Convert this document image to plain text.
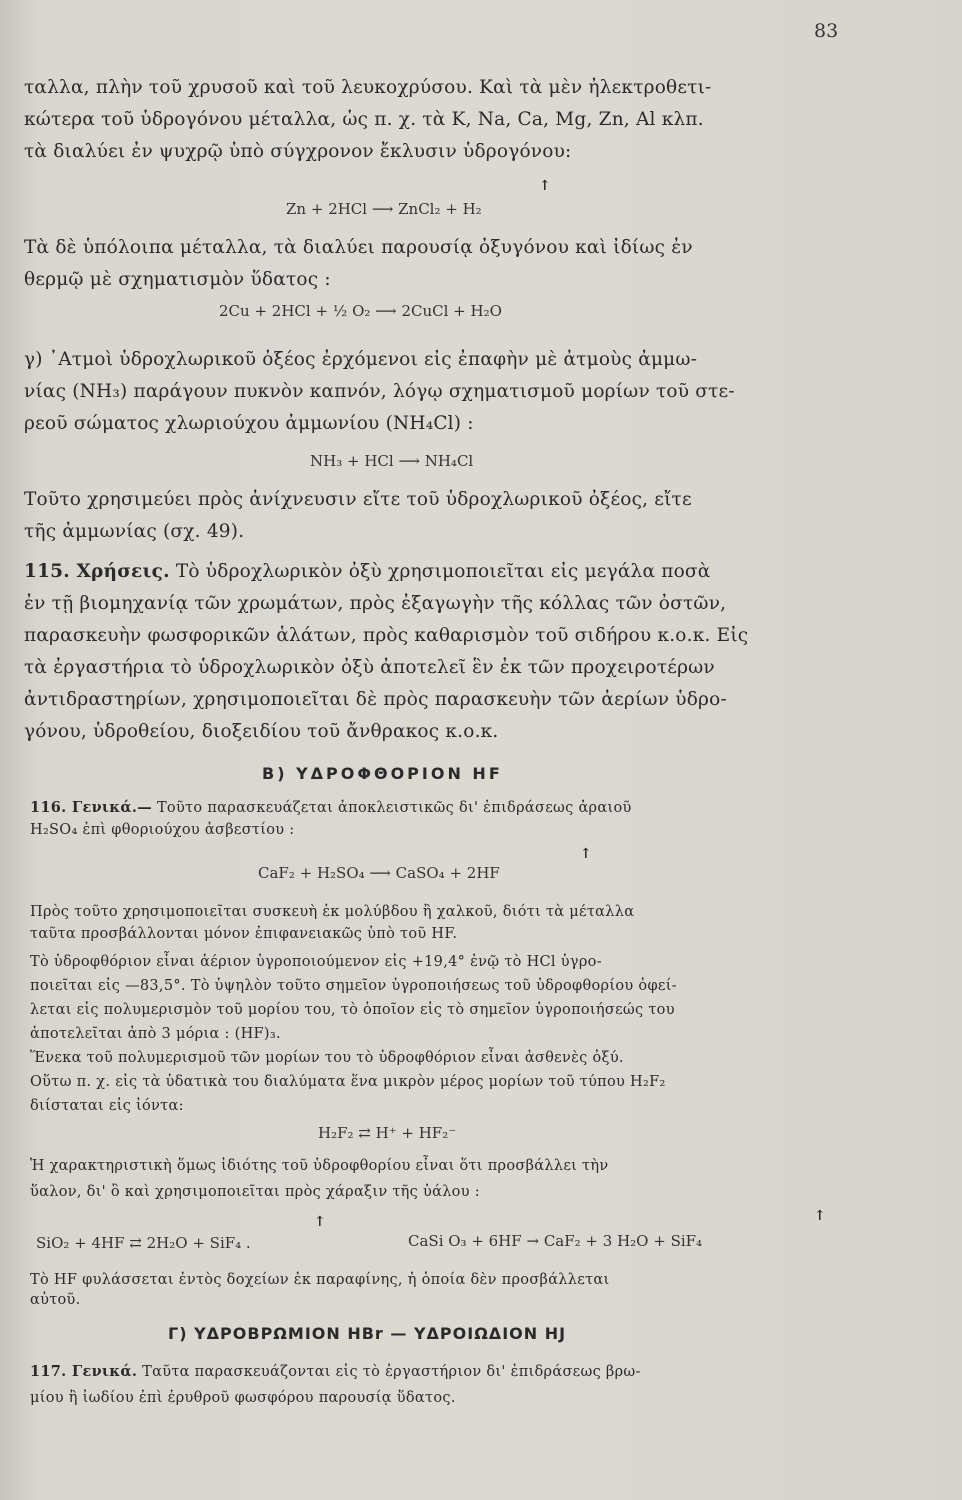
83
ταλλα, πλὴν τοῦ χρυσοῦ καὶ τοῦ λευκοχρύσου. Καὶ τὰ μὲν ἠλεκτροθετι-
κώτερα τοῦ ὑδρογόνου μέταλλα, ὡς π. χ. τὰ K, Na, Ca, Mg, Zn, Al κλπ.
τὰ διαλύει ἐν ψυχρῷ ὑπὸ σύγχρονον ἔκλυσιν ὑδρογόνου:
↑
Zn + 2HCl ⟶ ZnCl₂ + H₂
Τὰ δὲ ὑπόλοιπα μέταλλα, τὰ διαλύει παρουσίᾳ ὀξυγόνου καὶ ἰδίως ἐν
θερμῷ μὲ σχηματισμὸν ὕδατος :
2Cu + 2HCl + ½ O₂ ⟶ 2CuCl + H₂O
γ) ᾿Ατμοὶ ὑδροχλωρικοῦ ὀξέος ἐρχόμενοι εἰς ἐπαφὴν μὲ ἀτμοὺς ἀμμω-
νίας (NH₃) παράγουν πυκνὸν καπνόν, λόγῳ σχηματισμοῦ μορίων τοῦ στε-
ρεοῦ σώματος χλωριούχου ἀμμωνίου (NH₄Cl) :
NH₃ + HCl ⟶ NH₄Cl
Τοῦτο χρησιμεύει πρὸς ἀνίχνευσιν εἴτε τοῦ ὑδροχλωρικοῦ ὀξέος, εἴτε
τῆς ἀμμωνίας (σχ. 49).
115. Χρήσεις. Τὸ ὑδροχλωρικὸν ὀξὺ χρησιμοποιεῖται εἰς μεγάλα ποσὰ
ἐν τῇ βιομηχανίᾳ τῶν χρωμάτων, πρὸς ἐξαγωγὴν τῆς κόλλας τῶν ὀστῶν,
παρασκευὴν φωσφορικῶν ἁλάτων, πρὸς καθαρισμὸν τοῦ σιδήρου κ.ο.κ. Εἰς
τὰ ἐργαστήρια τὸ ὑδροχλωρικὸν ὀξὺ ἀποτελεῖ ἓν ἐκ τῶν προχειροτέρων
ἀντιδραστηρίων, χρησιμοποιεῖται δὲ πρὸς παρασκευὴν τῶν ἀερίων ὑδρο-
γόνου, ὑδροθείου, διοξειδίου τοῦ ἄνθρακος κ.ο.κ.
Β) ΥΔΡΟΦΘΟΡΙΟΝ HF
116. Γενικά.— Τοῦτο παρασκευάζεται ἀποκλειστικῶς δι' ἐπιδράσεως ἀραιοῦ
H₂SO₄ ἐπὶ φθοριούχου ἀσβεστίου :
↑
CaF₂ + H₂SO₄ ⟶ CaSO₄ + 2HF
Πρὸς τοῦτο χρησιμοποιεῖται συσκευὴ ἐκ μολύβδου ἢ χαλκοῦ, διότι τὰ μέταλλα
ταῦτα προσβάλλονται μόνον ἐπιφανειακῶς ὑπὸ τοῦ HF.
Τὸ ὑδροφθόριον εἶναι ἀέριον ὑγροποιούμενον εἰς +19,4° ἐνῷ τὸ HCl ὑγρο-
ποιεῖται εἰς —83,5°. Τὸ ὑψηλὸν τοῦτο σημεῖον ὑγροποιήσεως τοῦ ὑδροφθορίου ὀφεί-
λεται εἰς πολυμερισμὸν τοῦ μορίου του, τὸ ὁποῖον εἰς τὸ σημεῖον ὑγροποιήσεώς του
ἀποτελεῖται ἀπὸ 3 μόρια : (HF)₃.
Ἕνεκα τοῦ πολυμερισμοῦ τῶν μορίων του τὸ ὑδροφθόριον εἶναι ἀσθενὲς ὀξύ.
Οὕτω π. χ. εἰς τὰ ὑδατικὰ του διαλύματα ἕνα μικρὸν μέρος μορίων τοῦ τύπου H₂F₂
διίσταται εἰς ἰόντα:
H₂F₂ ⇄ H⁺ + HF₂⁻
Ἡ χαρακτηριστικὴ ὅμως ἰδιότης τοῦ ὑδροφθορίου εἶναι ὅτι προσβάλλει τὴν
ὕαλον, δι' ὃ καὶ χρησιμοποιεῖται πρὸς χάραξιν τῆς ὑάλου :
↑	↑
SiO₂ + 4HF ⇄ 2H₂O + SiF₄ .	CaSi O₃ + 6HF → CaF₂ + 3 H₂O + SiF₄
Τὸ HF φυλάσσεται ἐντὸς δοχείων ἐκ παραφίνης, ἡ ὁποία δὲν προσβάλλεται
αὐτοῦ.
Γ) ΥΔΡΟΒΡΩΜΙΟΝ HBr — ΥΔΡΟΙΩΔΙΟΝ HJ
117. Γενικά. Ταῦτα παρασκευάζονται εἰς τὸ ἐργαστήριον δι' ἐπιδράσεως βρω-
μίου ἢ ἰωδίου ἐπὶ ἐρυθροῦ φωσφόρου παρουσίᾳ ὕδατος.
